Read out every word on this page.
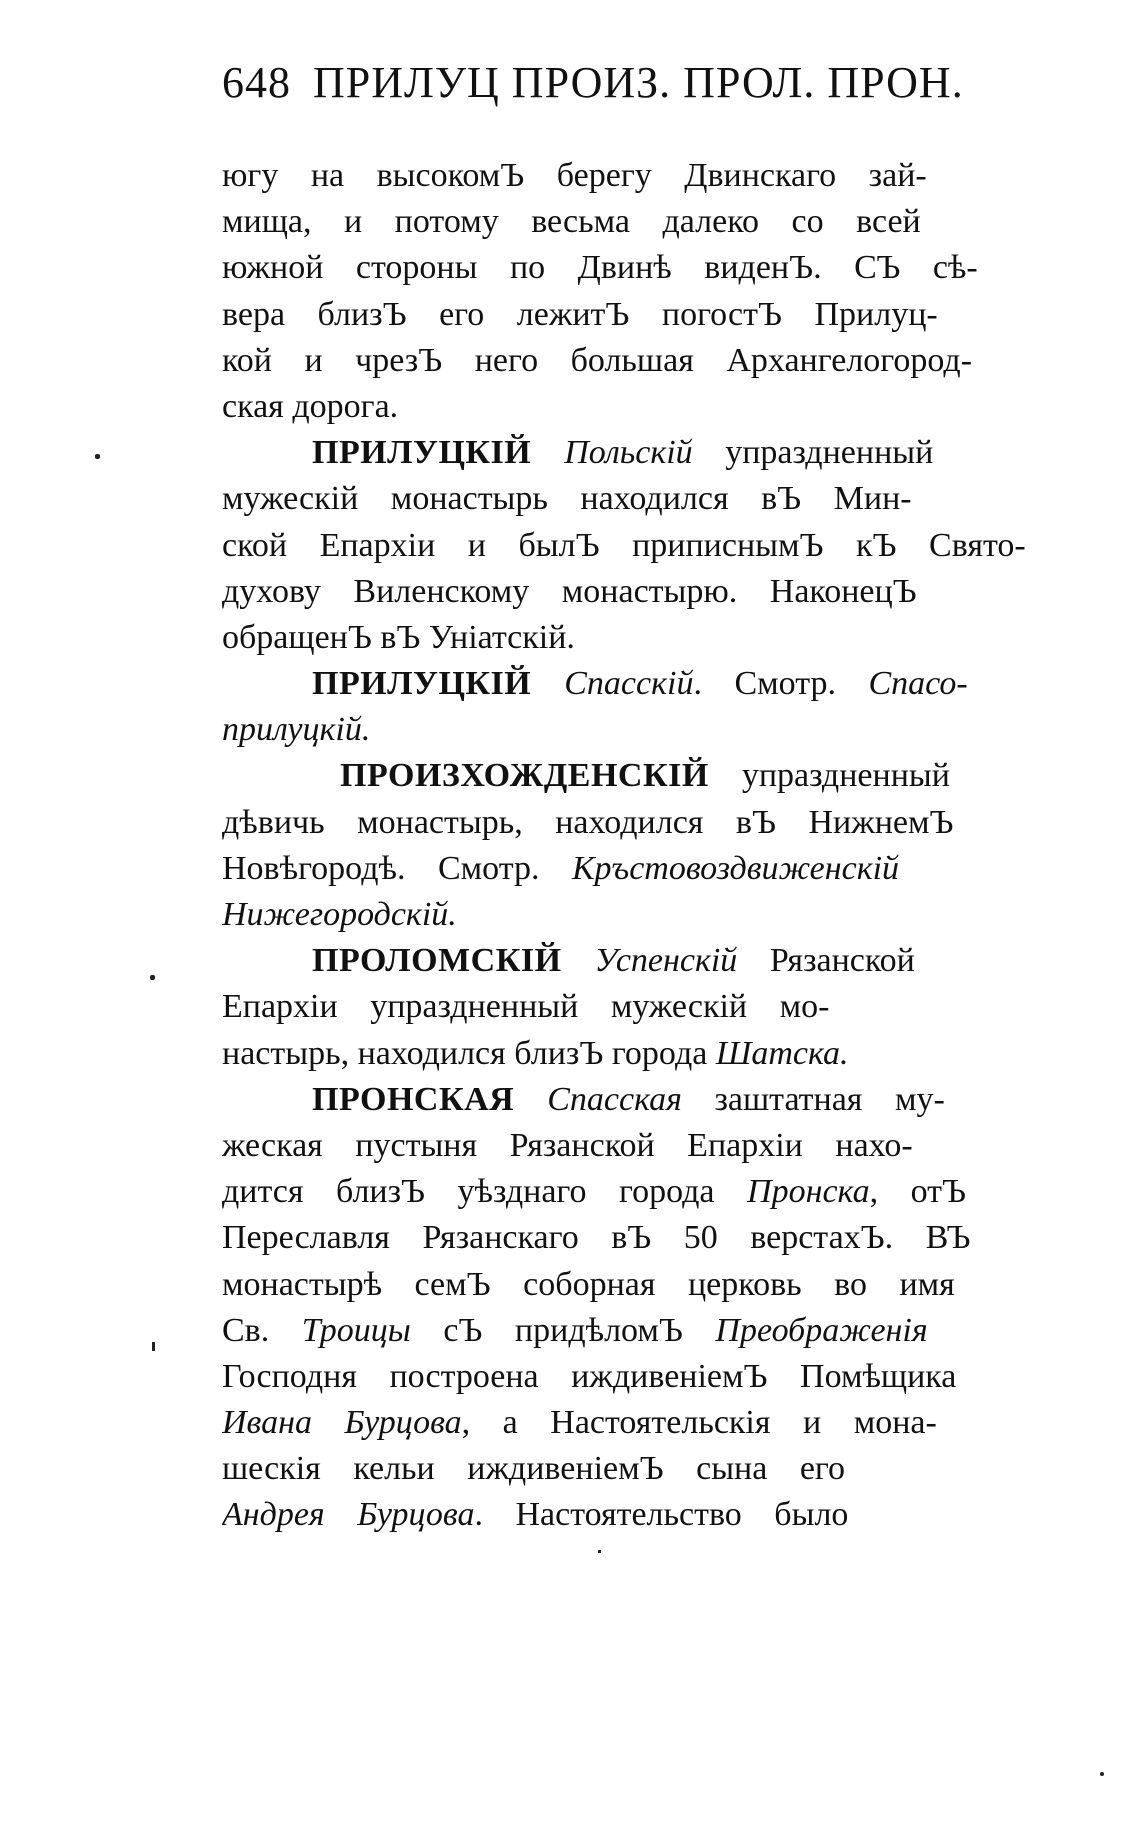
648 ПРИЛУЦ ПРОИЗ. ПРОЛ. ПРОН.
югу на высокомЪ берегу Двинскаго зай-
мища, и потому весьма далеко со всей
южной стороны по Двинѣ виденЪ. СЪ сѣ-
вера близЪ его лежитЪ погостЪ Прилуц-
кой и чрезЪ него большая Архангелогород-
ская дорога.
ПРИЛУЦКІЙ Польскій упраздненный
мужескій монастырь находился вЪ Мин-
ской Епархіи и былЪ приписнымЪ кЪ Свято-
духову Виленскому монастырю. НаконецЪ
обращенЪ вЪ Уніатскій.
ПРИЛУЦКІЙ Спасскій. Смотр. Спасо-
прилуцкій.
ПРОИЗХОЖДЕНСКІЙ упраздненный
дѣвичь монастырь, находился вЪ НижнемЪ
Новѣгородѣ. Смотр. Кръстовоздвиженскій
Нижегородскій.
ПРОЛОМСКІЙ Успенскій Рязанской
Епархіи упраздненный мужескій мо-
настырь, находился близЪ города Шатска.
ПРОНСКАЯ Спасская заштатная му-
жеская пустыня Рязанской Епархіи нахо-
дится близЪ уѣзднаго города Пронска, отЪ
Переславля Рязанскаго вЪ 50 верстахЪ. ВЪ
монастырѣ семЪ соборная церковь во имя
Св. Троицы сЪ придѣломЪ Преображенія
Господня построена иждивеніемЪ Помѣщика
Ивана Бурцова, а Настоятельскія и мона-
шескія кельи иждивеніемЪ сына его
Андрея Бурцова. Настоятельство было
